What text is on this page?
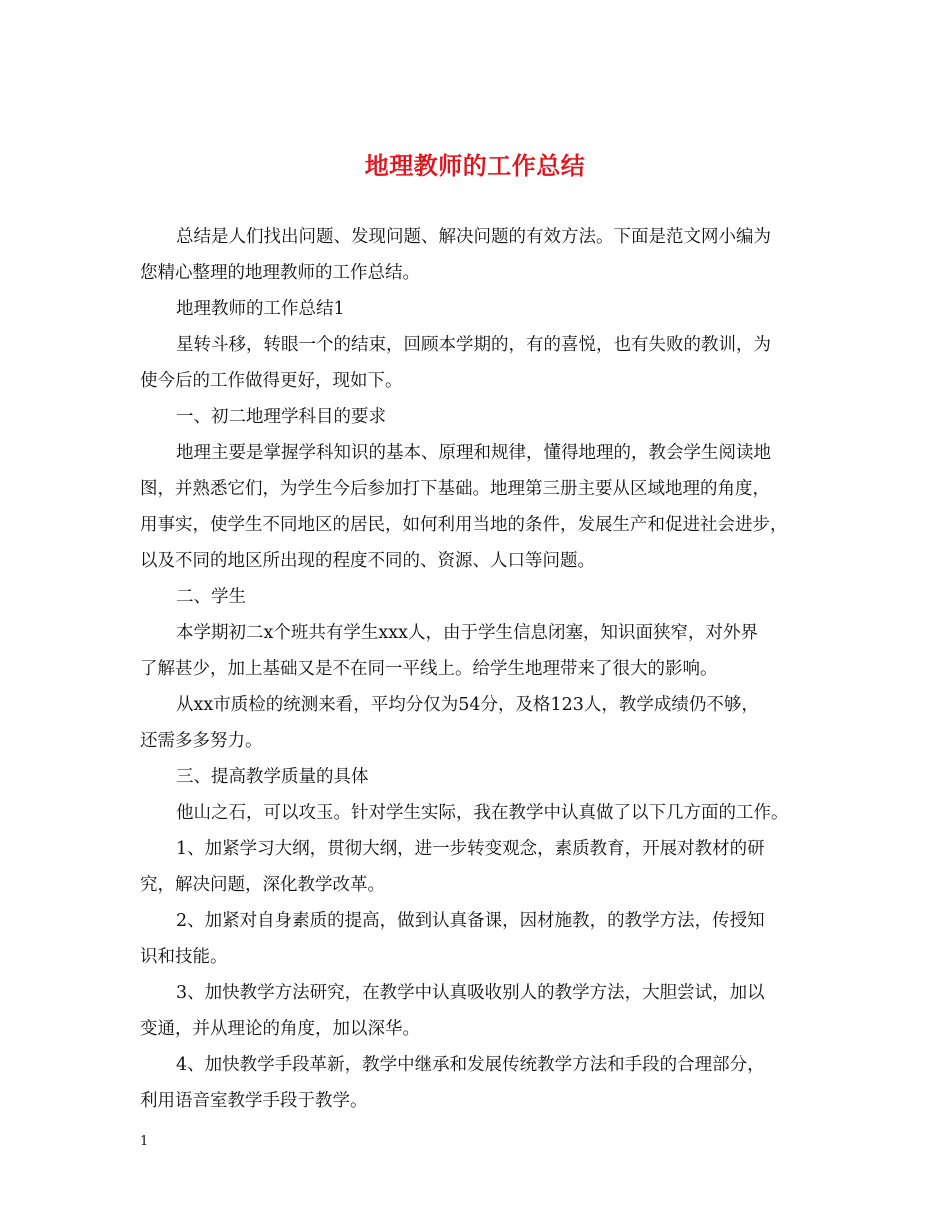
地理教师的工作总结

总结是人们找出问题、发现问题、解决问题的有效方法。下面是范文网小编为
您精心整理的地理教师的工作总结。

地理教师的工作总结1

星转斗移，转眼一个的结束，回顾本学期的，有的喜悦，也有失败的教训，为
使今后的工作做得更好，现如下。

一、初二地理学科目的要求

地理主要是掌握学科知识的基本、原理和规律，懂得地理的，教会学生阅读地
图，并熟悉它们，为学生今后参加打下基础。地理第三册主要从区域地理的角度，
用事实，使学生不同地区的居民，如何利用当地的条件，发展生产和促进社会进步，
以及不同的地区所出现的程度不同的、资源、人口等问题。

二、学生

本学期初二x个班共有学生xxx人，由于学生信息闭塞，知识面狭窄，对外界
了解甚少，加上基础又是不在同一平线上。给学生地理带来了很大的影响。

从xx市质检的统测来看，平均分仅为54分，及格123人，教学成绩仍不够，
还需多多努力。

三、提高教学质量的具体

他山之石，可以攻玉。针对学生实际，我在教学中认真做了以下几方面的工作。

1、加紧学习大纲，贯彻大纲，进一步转变观念，素质教育，开展对教材的研
究，解决问题，深化教学改革。

2、加紧对自身素质的提高，做到认真备课，因材施教，的教学方法，传授知
识和技能。

3、加快教学方法研究，在教学中认真吸收别人的教学方法，大胆尝试，加以
变通，并从理论的角度，加以深华。

4、加快教学手段革新，教学中继承和发展传统教学方法和手段的合理部分，
利用语音室教学手段于教学。

1
